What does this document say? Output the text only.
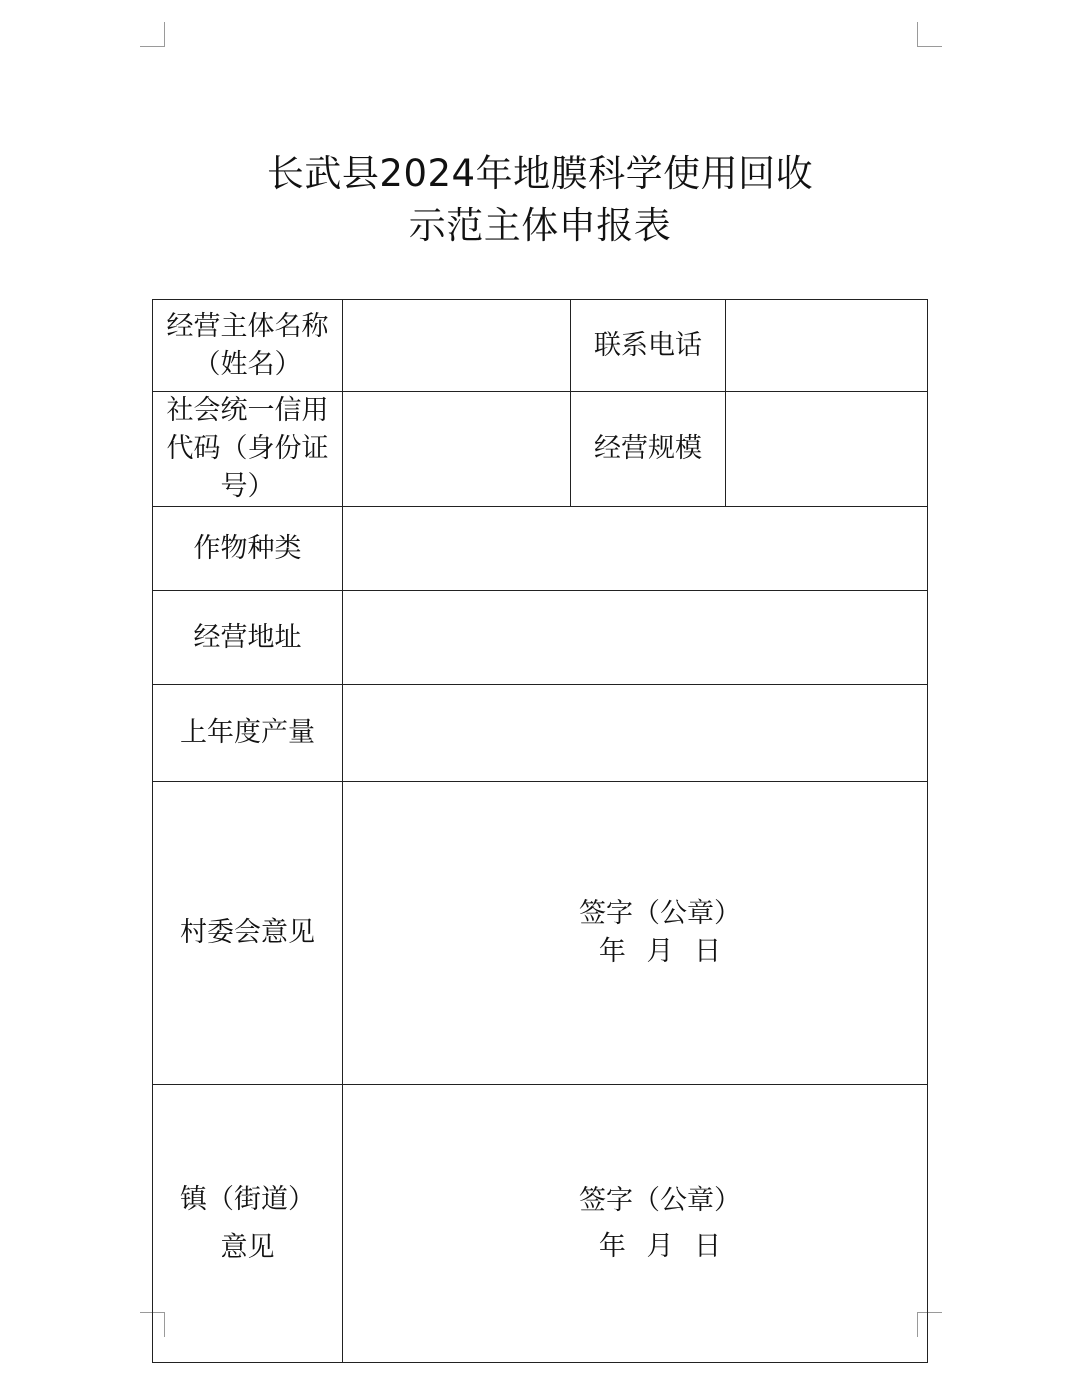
长武县2024年地膜科学使用回收
示范主体申报表
经营主体名称
（姓名）		联系电话	

社会统一信用
代码（身份证
号）		经营规模	
作物种类			
经营地址			
上年度产量			
村委会意见	签字（公章）
年 月 日		

镇（街道）
意见	签字（公章）
年 月 日		
